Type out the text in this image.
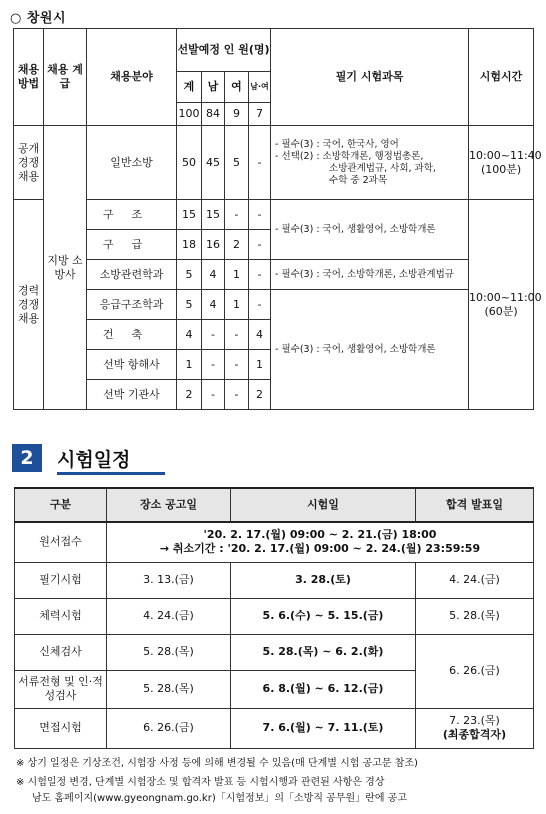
○ 창원시
채용 방법	채용 계급	채용분야	선발예정 인 원(명)				필기 시험과목	시험시간
			계	남	여	남·여		
			100	84	9	7		
공개 경쟁 채용	지방 소방사	일반소방	50	45	5	-	- 필수(3) : 국어, 한국사, 영어
- 선택(2) : 소방학개론, 행정법총론,
소방관계법규, 사회, 과학,
수학 중 2과목	10:00~11:40 (100분)
경력 경쟁 채용		구조	15	15	-	-	- 필수(3) : 국어, 생활영어, 소방학개론	10:00~11:00 (60분)
		구급	18	16	2	-		
		소방관련학과	5	4	1	-	- 필수(3) : 국어, 소방학개론, 소방관계법규	
		응급구조학과	5	4	1	-	- 필수(3) : 국어, 생활영어, 소방학개론	
		건축	4	-	-	4		
		선박 항해사	1	-	-	1		
		선박 기관사	2	-	-	2		
2	시험일정
구분	장소 공고일	시험일	합격 발표일
원서접수	'20. 2. 17.(월) 09:00 ~ 2. 21.(금) 18:00
→ 취소기간 : '20. 2. 17.(월) 09:00 ~ 2. 24.(월) 23:59:59		

필기시험	3. 13.(금)	3. 28.(토)	4. 24.(금)
체력시험	4. 24.(금)	5. 6.(수) ~ 5. 15.(금)	5. 28.(목)
신체검사	5. 28.(목)	5. 28.(목) ~ 6. 2.(화)	6. 26.(금)
서류전형 및 인·적성검사	5. 28.(목)	6. 8.(월) ~ 6. 12.(금)	
면접시험	6. 26.(금)	7. 6.(월) ~ 7. 11.(토)	7. 23.(목)
(최종합격자)
※ 상기 일정은 기상조건, 시험장 사정 등에 의해 변경될 수 있음(매 단계별 시험 공고문 참조)
※ 시험일정 변경, 단계별 시험장소 및 합격자 발표 등 시험시행과 관련된 사항은 경상
남도 홈페이지(www.gyeongnam.go.kr)「시험정보」의「소방직 공무원」란에 공고
